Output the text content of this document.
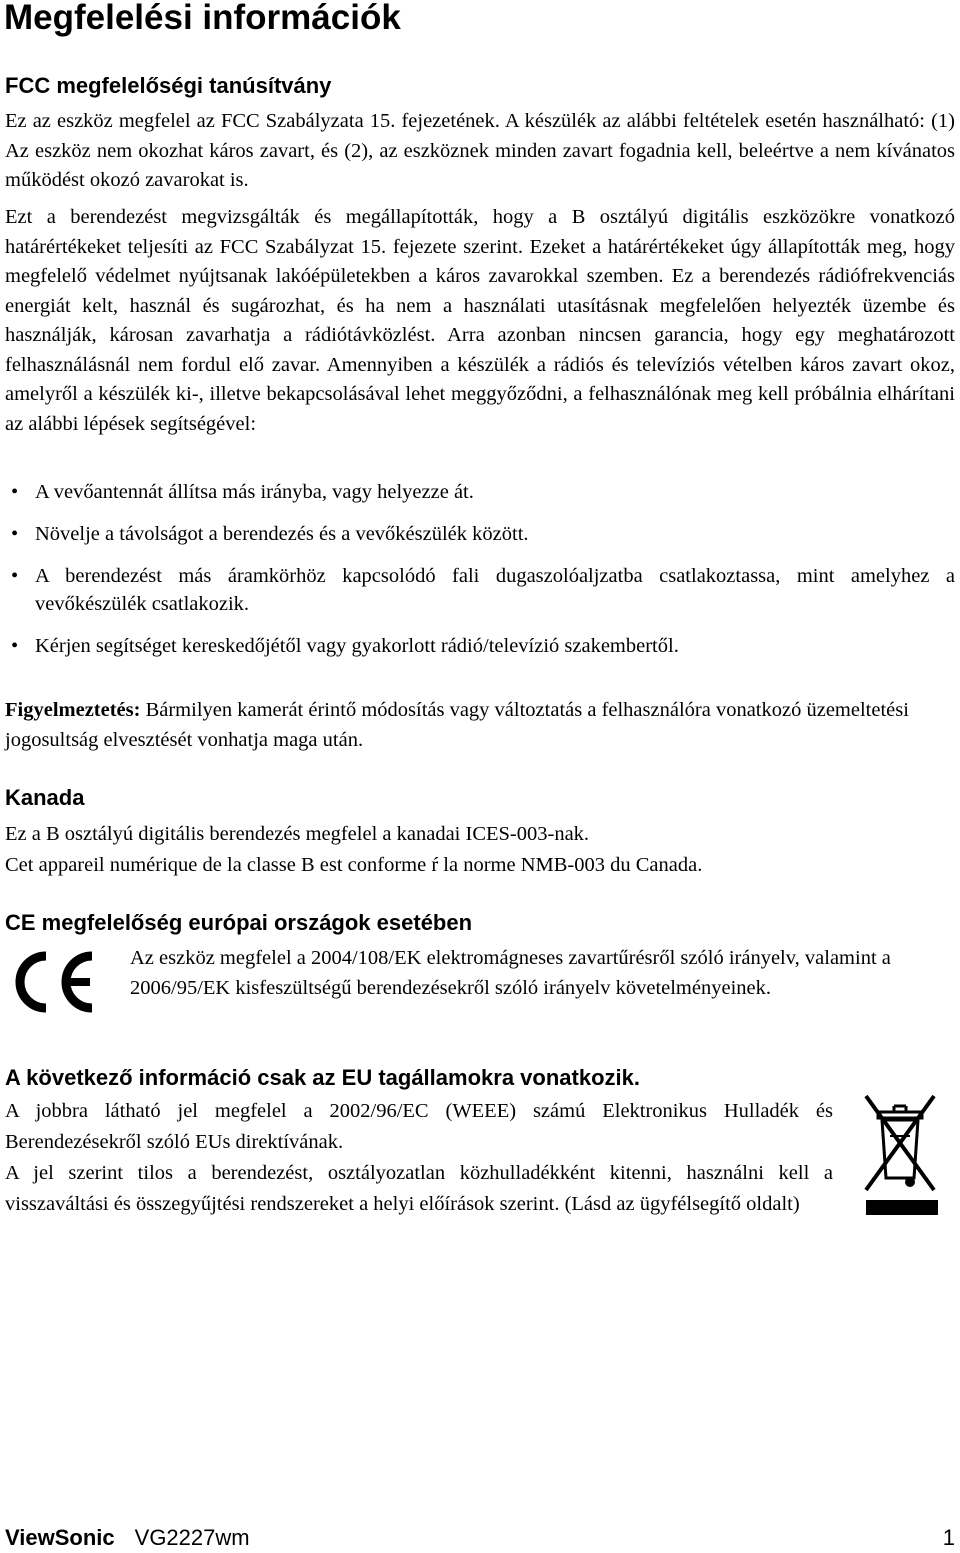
Megfelelési információk
FCC megfelelőségi tanúsítvány

Ez az eszköz megfelel az FCC Szabályzata 15. fejezetének. A készülék az alábbi feltételek esetén használható: (1) Az eszköz nem okozhat káros zavart, és (2), az eszköznek minden zavart fogadnia kell, beleértve a nem kívánatos működést okozó zavarokat is.

Ezt a berendezést megvizsgálták és megállapították, hogy a B osztályú digitális eszközökre vonatkozó határértékeket teljesíti az FCC Szabályzat 15. fejezete szerint. Ezeket a határértékeket úgy állapították meg, hogy megfelelő védelmet nyújtsanak lakóépületekben a káros zavarokkal szemben. Ez a berendezés rádiófrekvenciás energiát kelt, használ és sugározhat, és ha nem a használati utasításnak megfelelően helyezték üzembe és használják, károsan zavarhatja a rádiótávközlést. Arra azonban nincsen garancia, hogy egy meghatározott felhasználásnál nem fordul elő zavar. Amennyiben a készülék a rádiós és televíziós vételben káros zavart okoz, amelyről a készülék ki-, illetve bekapcsolásával lehet meggyőződni, a felhasználónak meg kell próbálnia elhárítani az alábbi lépések segítségével:

• A vevőantennát állítsa más irányba, vagy helyezze át.
• Növelje a távolságot a berendezés és a vevőkészülék között.
• A berendezést más áramkörhöz kapcsolódó fali dugaszolóaljzatba csatlakoztassa, mint amelyhez a vevőkészülék csatlakozik.
• Kérjen segítséget kereskedőjétől vagy gyakorlott rádió/televízió szakembertől.

Figyelmeztetés: Bármilyen kamerát érintő módosítás vagy változtatás a felhasználóra vonatkozó üzemeltetési jogosultság elvesztését vonhatja maga után.

Kanada

Ez a B osztályú digitális berendezés megfelel a kanadai ICES-003-nak.

Cet appareil numérique de la classe B est conforme ŕ la norme NMB-003 du Canada.

CE megfelelőség európai országok esetében

Az eszköz megfelel a 2004/108/EK elektromágneses zavartűrésről szóló irányelv, valamint a 2006/95/EK kisfeszültségű berendezésekről szóló irányelv követelményeinek.

A következő információ csak az EU tagállamokra vonatkozik.
A jobbra látható jel megfelel a 2002/96/EC (WEEE) számú Elektronikus Hulladék és Berendezésekről szóló EUs direktívának.
A jel szerint tilos a berendezést, osztályozatlan közhulladékként kitenni, használni kell a visszaváltási és összegyűjtési rendszereket a helyi előírások szerint. (Lásd az ügyfélsegítő oldalt)
ViewSonic VG2227wm	1
